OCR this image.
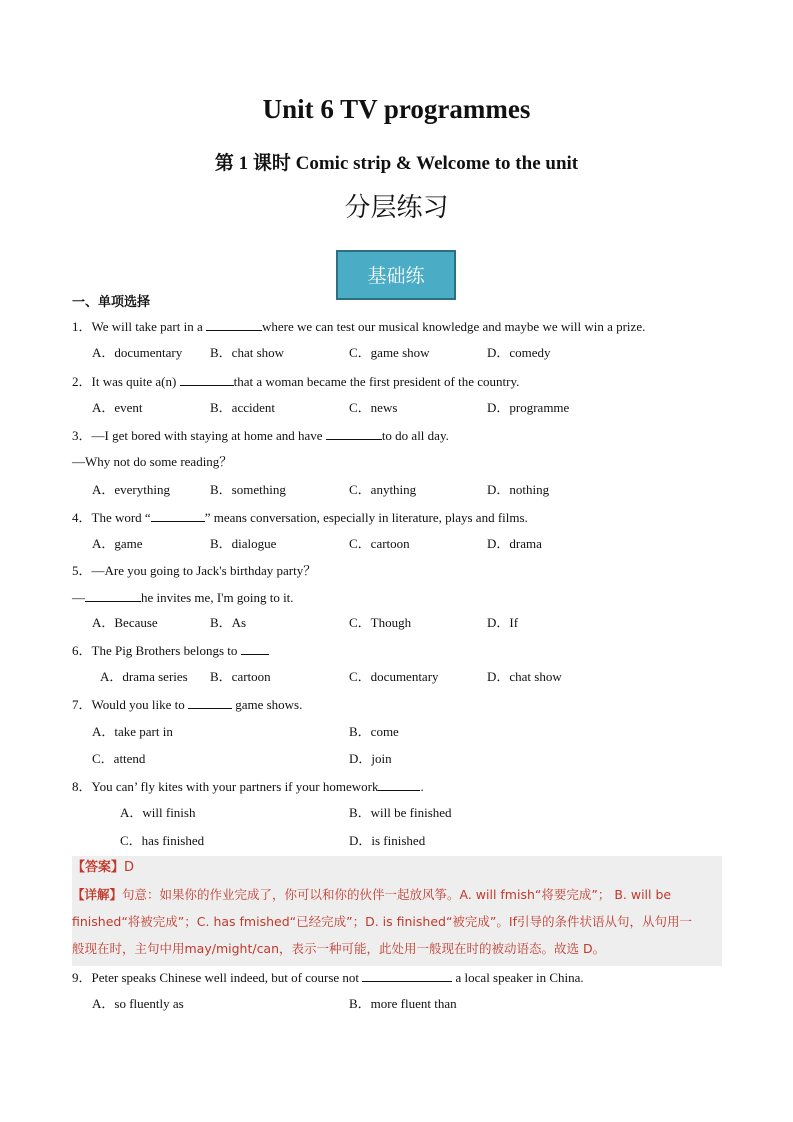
Unit 6 TV programmes
第 1 课时 Comic strip & Welcome to the unit
分层练习
基础练
一、单项选择
1．We will take part in a	where we can test our musical knowledge and maybe we will win a prize.
A．documentary B．chat show	C．game show	D．comedy
2．It was quite a(n)	that a woman became the first president of the country.
A．event	B．accident	C．news	D．programme
3．—I get bored with staying at home and have	to do all day.
—Why not do some reading？
A．everything	B．something	C．anything	D．nothing
4．The word “	” means conversation, especially in literature, plays and films.
A．game	B．dialogue	C．cartoon	D．drama
5．—Are you going to Jack's birthday party？
—	he invites me, I'm going to it.
A．Because	B．As	C．Though	D．If
6．The Pig Brothers belongs to
A．drama series B．cartoon	C．documentary	D．chat show
7．Would you like to	game shows.
A．take part in	B．come
C．attend	D．join
8．You can’ fly kites with your partners if your homework	.
A．will finish	B．will be finished
C．has finished	D．is finished
【答案】D
【详解】句意：如果你的作业完成了，你可以和你的伙伴一起放风筝。A. will fmish“将要完成”； B. will be
finished“将被完成”；C. has fmished“已经完成”；D. is finished“被完成”。If引导的条件状语从句，从句用一
般现在时，主句中用may/might/can，表示一种可能，此处用一般现在时的被动语态。故选 D。
9．Peter speaks Chinese well indeed, but of course not	a local speaker in China.
A．so fluently as	B．more fluent than
